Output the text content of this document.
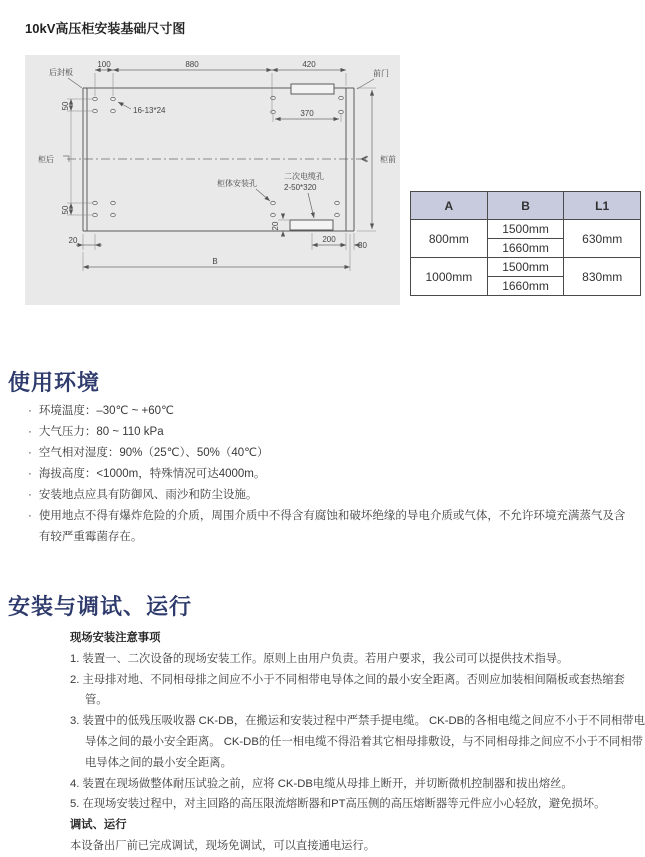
10kV高压柜安装基础尺寸图
100	880	420
370
50
50
20
20	200
30
A
B
后封板	前门
16-13*24
柜后	柜前
柜体安装孔
二次电缆孔
2-50*320
A	B	L1
800mm	1500mm	630mm
	1660mm	
1000mm	1500mm	830mm
	1660mm	
使用环境
· 环境温度：–30℃ ~ +60℃
· 大气压力：80 ~ 110 kPa
· 空气相对湿度：90%（25℃）、50%（40℃）
· 海拔高度：<1000m，特殊情况可达4000m。
· 安装地点应具有防御风、雨沙和防尘设施。
· 使用地点不得有爆炸危险的介质，周围介质中不得含有腐蚀和破坏绝缘的导电介质或气体，不允许环境充满蒸气及含有较严重霉菌存在。
安装与调试、运行
现场安装注意事项
1. 装置一、二次设备的现场安装工作。原则上由用户负责。若用户要求，我公司可以提供技术指导。
2. 主母排对地、不同相母排之间应不小于不同相带电导体之间的最小安全距离。否则应加装相间隔板或套热缩套管。
3. 装置中的低残压吸收器 CK-DB，在搬运和安装过程中严禁手提电缆。 CK-DB的各相电缆之间应不小于不同相带电导体之间的最小安全距离。 CK-DB的任一相电缆不得沿着其它相母排敷设，与不同相母排之间应不小于不同相带电导体之间的最小安全距离。
4. 装置在现场做整体耐压试验之前，应将 CK-DB电缆从母排上断开，并切断微机控制器和拔出熔丝。
5. 在现场安装过程中，对主回路的高压限流熔断器和PT高压侧的高压熔断器等元件应小心轻放，避免损坏。
调试、运行
本设备出厂前已完成调试，现场免调试，可以直接通电运行。
